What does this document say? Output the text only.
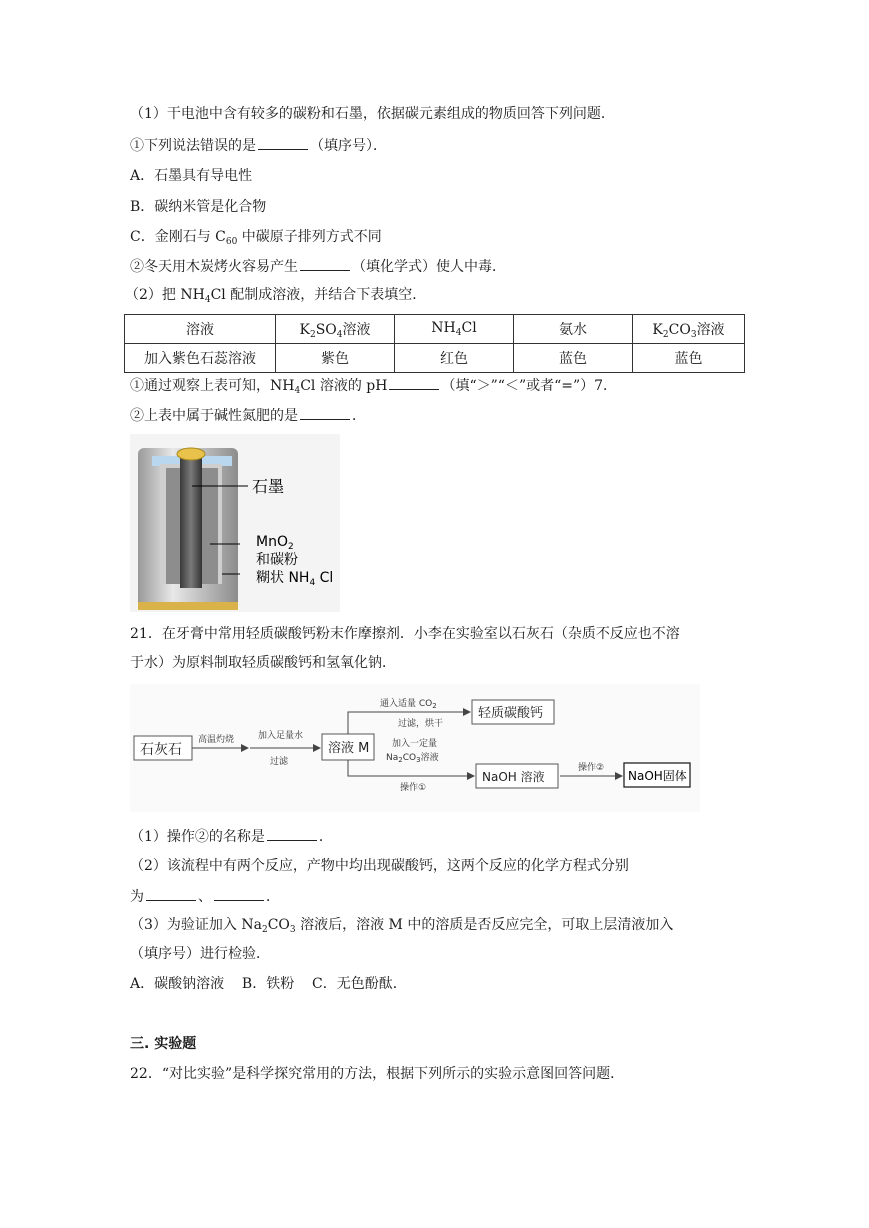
（1）干电池中含有较多的碳粉和石墨，依据碳元素组成的物质回答下列问题．
①下列说法错误的是	（填序号）．
A．石墨具有导电性
B．碳纳米管是化合物
C．金刚石与 $C_{60}$ 中碳原子排列方式不同
②冬天用木炭烤火容易产生	（填化学式）使人中毒．
（2）把 $NH_4Cl$ 配制成溶液，并结合下表填空．
溶液	$K_2SO_4$溶液	$NH_4Cl$	氨水	$K_2CO_3$溶液
加入紫色石蕊溶液	紫色	红色	蓝色	蓝色
①通过观察上表可知，$NH_4Cl$ 溶液的 pH	（填“＞”“＜”或者“=”）7．
②上表中属于碱性氮肥的是	．
石墨
MnO$_2$
和碳粉
糊状 $NH_4$ Cl
21．在牙膏中常用轻质碳酸钙粉末作摩擦剂．小李在实验室以石灰石（杂质不反应也不溶
于水）为原料制取轻质碳酸钙和氢氧化钠．
石灰石
高温灼烧	加入足量水
过滤
溶液 M
通入适量 $CO_2$
过滤，烘干
轻质碳酸钙
加入一定量
$Na_2CO_3$溶液
操作①
NaOH 溶液
操作②
NaOH固体
（1）操作②的名称是	．
（2）该流程中有两个反应，产物中均出现碳酸钙，这两个反应的化学方程式分别
为	、	．
（3）为验证加入 $Na_2CO_3$ 溶液后，溶液 M 中的溶质是否反应完全，可取上层清液加入
（填序号）进行检验．
A．碳酸钠溶液    B．铁粉    C．无色酚酞．
三. 实验题
22．“对比实验”是科学探究常用的方法，根据下列所示的实验示意图回答问题．
